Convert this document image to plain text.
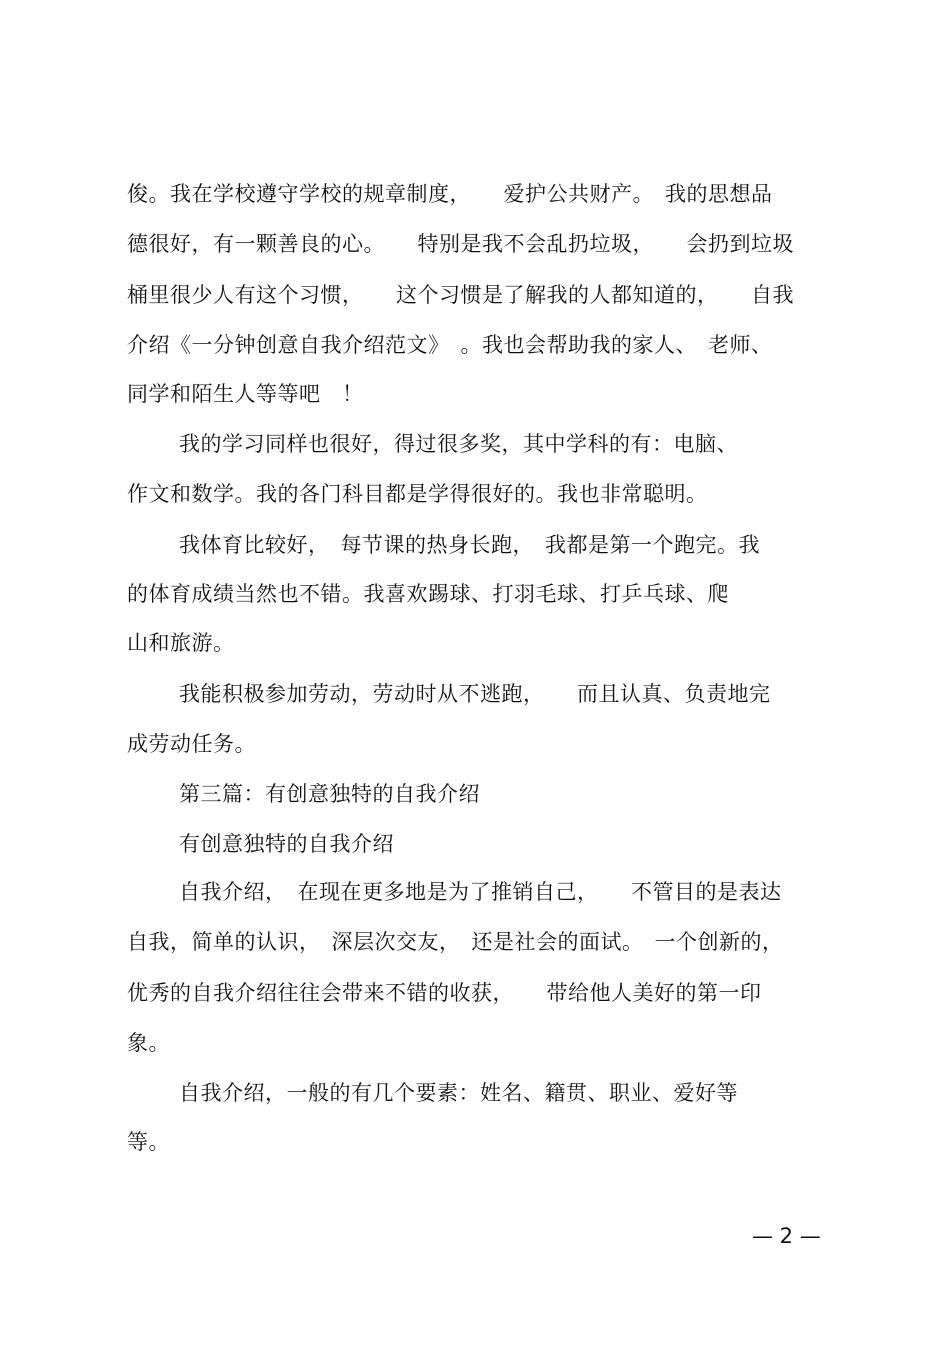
俊。我在学校遵守学校的规章制度，　　爱护公共财产。　我的思想品
德很好，有一颗善良的心。　　特别是我不会乱扔垃圾，　　会扔到垃圾
桶里很少人有这个习惯，　　这个习惯是了解我的人都知道的，　　自我
介绍《一分钟创意自我介绍范文》　。我也会帮助我的家人、　老师、
同学和陌生人等等吧　！
我的学习同样也很好，得过很多奖，其中学科的有：电脑、
作文和数学。我的各门科目都是学得很好的。我也非常聪明。
我体育比较好，　每节课的热身长跑，　我都是第一个跑完。我
的体育成绩当然也不错。我喜欢踢球、打羽毛球、打乒乓球、爬
山和旅游。
我能积极参加劳动，劳动时从不逃跑，　　而且认真、负责地完
成劳动任务。
第三篇：有创意独特的自我介绍
有创意独特的自我介绍
自我介绍，　在现在更多地是为了推销自己，　　不管目的是表达
自我，简单的认识，　深层次交友，　还是社会的面试。　一个创新的，
优秀的自我介绍往往会带来不错的收获，　　带给他人美好的第一印
象。
自我介绍，一般的有几个要素：姓名、籍贯、职业、爱好等
等。
— 2 —
